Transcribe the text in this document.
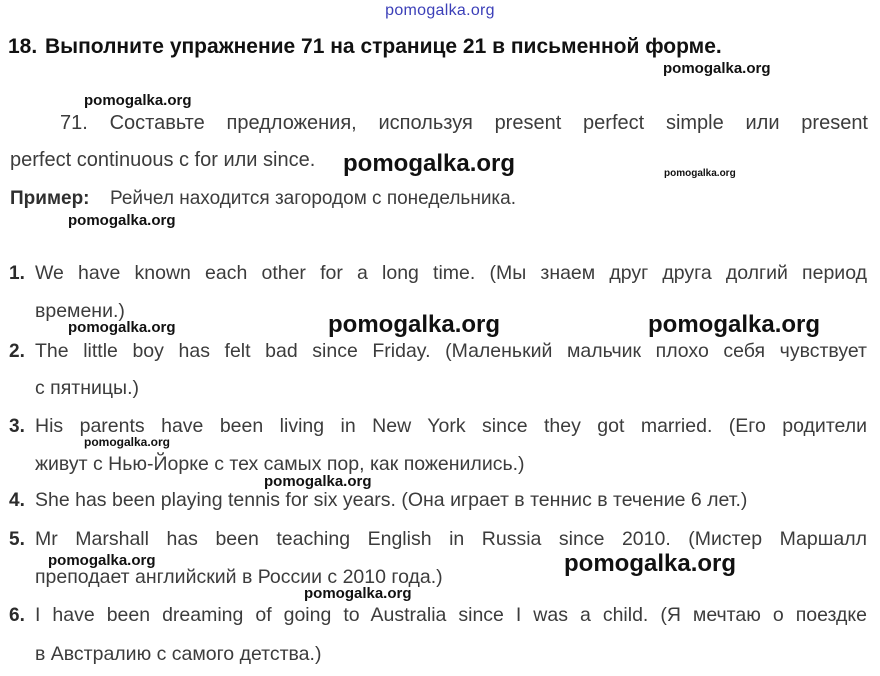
pomogalka.org
18. Выполните упражнение 71 на странице 21 в письменной форме.
71. Составьте предложения, используя present perfect simple или present
perfect continuous с for или since.
Пример: Рейчел находится загородом с понедельника.
1. We have known each other for a long time. (Мы знаем друг друга долгий период
времени.)
2. The little boy has felt bad since Friday. (Маленький мальчик плохо себя чувствует
с пятницы.)
3. His parents have been living in New York since they got married. (Его родители
живут с Нью-Йорке с тех самых пор, как поженились.)
4. She has been playing tennis for six years. (Она играет в теннис в течение 6 лет.)
5. Mr Marshall has been teaching English in Russia since 2010. (Мистер Маршалл
преподает английский в России с 2010 года.)
6. I have been dreaming of going to Australia since I was a child. (Я мечтаю о поездке
в Австралию с самого детства.)
pomogalka.org
pomogalka.org
pomogalka.org	pomogalka.org
pomogalka.org
pomogalka.org	pomogalka.org	pomogalka.org
pomogalka.org
pomogalka.org
pomogalka.org	pomogalka.org
pomogalka.org
